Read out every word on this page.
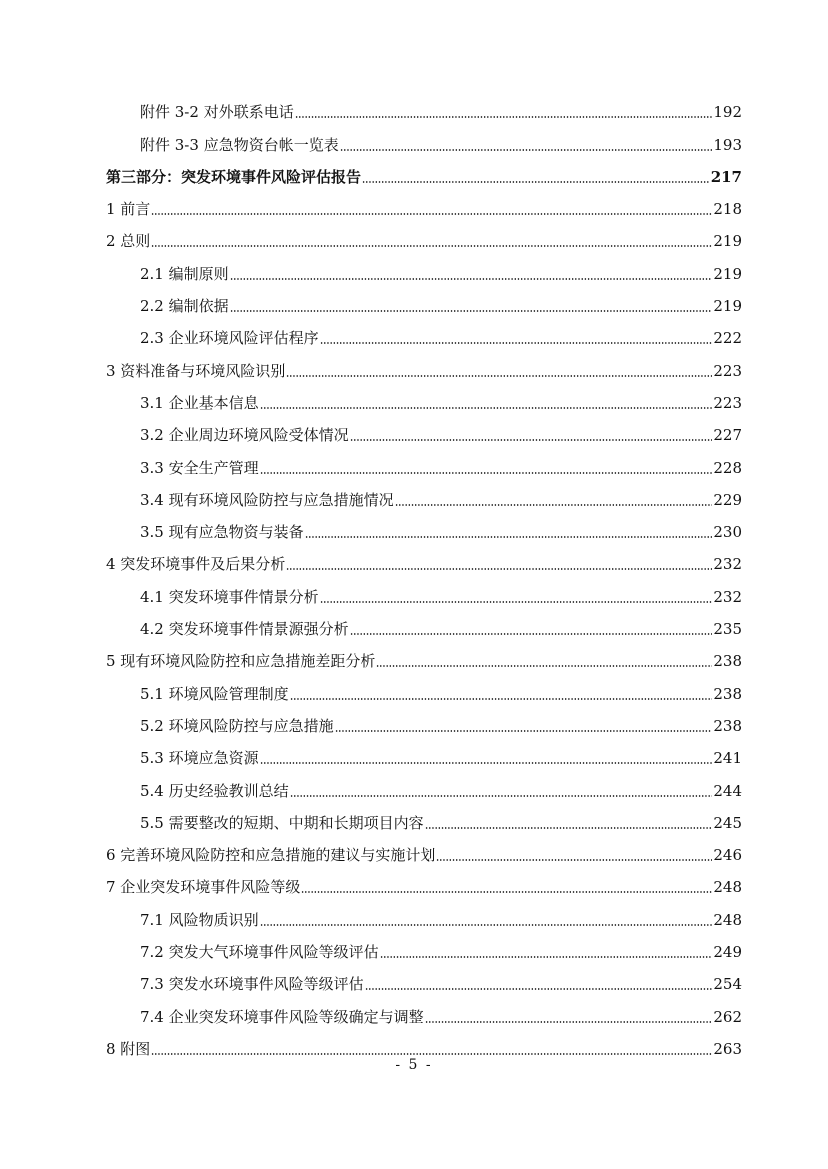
附件 3-2 对外联系电话	192
附件 3-3 应急物资台帐一览表	193
第三部分：突发环境事件风险评估报告	217
1 前言	218
2 总则	219
2.1 编制原则	219
2.2 编制依据	219
2.3 企业环境风险评估程序	222
3 资料准备与环境风险识别	223
3.1 企业基本信息	223
3.2 企业周边环境风险受体情况	227
3.3 安全生产管理	228
3.4 现有环境风险防控与应急措施情况	229
3.5 现有应急物资与装备	230
4 突发环境事件及后果分析	232
4.1 突发环境事件情景分析	232
4.2 突发环境事件情景源强分析	235
5 现有环境风险防控和应急措施差距分析	238
5.1 环境风险管理制度	238
5.2 环境风险防控与应急措施	238
5.3 环境应急资源	241
5.4 历史经验教训总结	244
5.5 需要整改的短期、中期和长期项目内容	245
6 完善环境风险防控和应急措施的建议与实施计划	246
7 企业突发环境事件风险等级	248
7.1 风险物质识别	248
7.2 突发大气环境事件风险等级评估	249
7.3 突发水环境事件风险等级评估	254
7.4 企业突发环境事件风险等级确定与调整	262
8 附图	263
- 5 -
